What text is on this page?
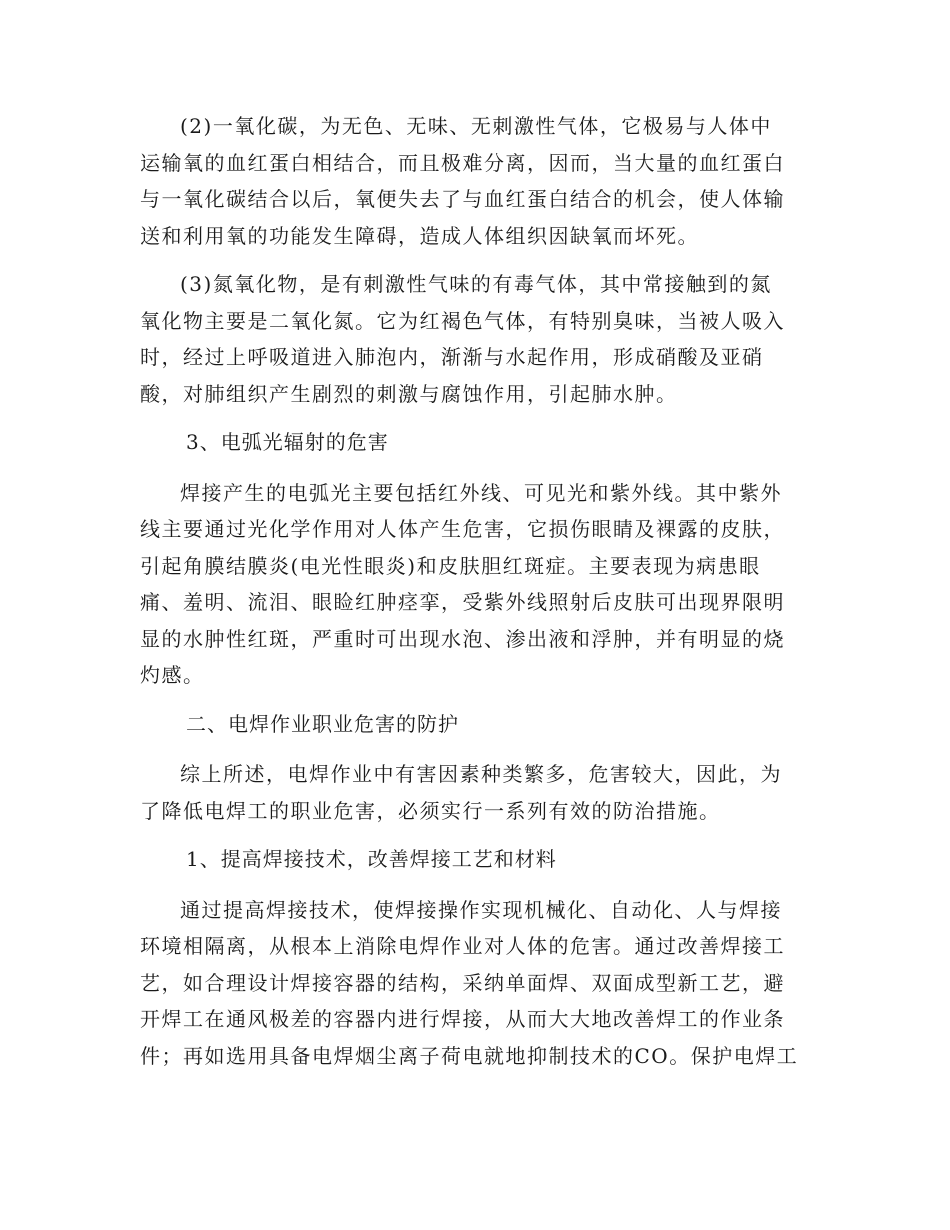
(2)一氧化碳，为无色、无味、无刺激性气体，它极易与人体中
运输氧的血红蛋白相结合，而且极难分离，因而，当大量的血红蛋白
与一氧化碳结合以后，氧便失去了与血红蛋白结合的机会，使人体输
送和利用氧的功能发生障碍，造成人体组织因缺氧而坏死。

(3)氮氧化物，是有刺激性气味的有毒气体，其中常接触到的氮
氧化物主要是二氧化氮。它为红褐色气体，有特别臭味，当被人吸入
时，经过上呼吸道进入肺泡内，渐渐与水起作用，形成硝酸及亚硝
酸，对肺组织产生剧烈的刺激与腐蚀作用，引起肺水肿。

3、电弧光辐射的危害

焊接产生的电弧光主要包括红外线、可见光和紫外线。其中紫外
线主要通过光化学作用对人体产生危害，它损伤眼睛及裸露的皮肤，
引起角膜结膜炎(电光性眼炎)和皮肤胆红斑症。主要表现为病患眼
痛、羞明、流泪、眼睑红肿痉挛，受紫外线照射后皮肤可出现界限明
显的水肿性红斑，严重时可出现水泡、渗出液和浮肿，并有明显的烧
灼感。

二、电焊作业职业危害的防护

综上所述，电焊作业中有害因素种类繁多，危害较大，因此，为
了降低电焊工的职业危害，必须实行一系列有效的防治措施。

1、提高焊接技术，改善焊接工艺和材料

通过提高焊接技术，使焊接操作实现机械化、自动化、人与焊接
环境相隔离，从根本上消除电焊作业对人体的危害。通过改善焊接工
艺，如合理设计焊接容器的结构，采纳单面焊、双面成型新工艺，避
开焊工在通风极差的容器内进行焊接，从而大大地改善焊工的作业条
件；再如选用具备电焊烟尘离子荷电就地抑制技术的CO。保护电焊工
